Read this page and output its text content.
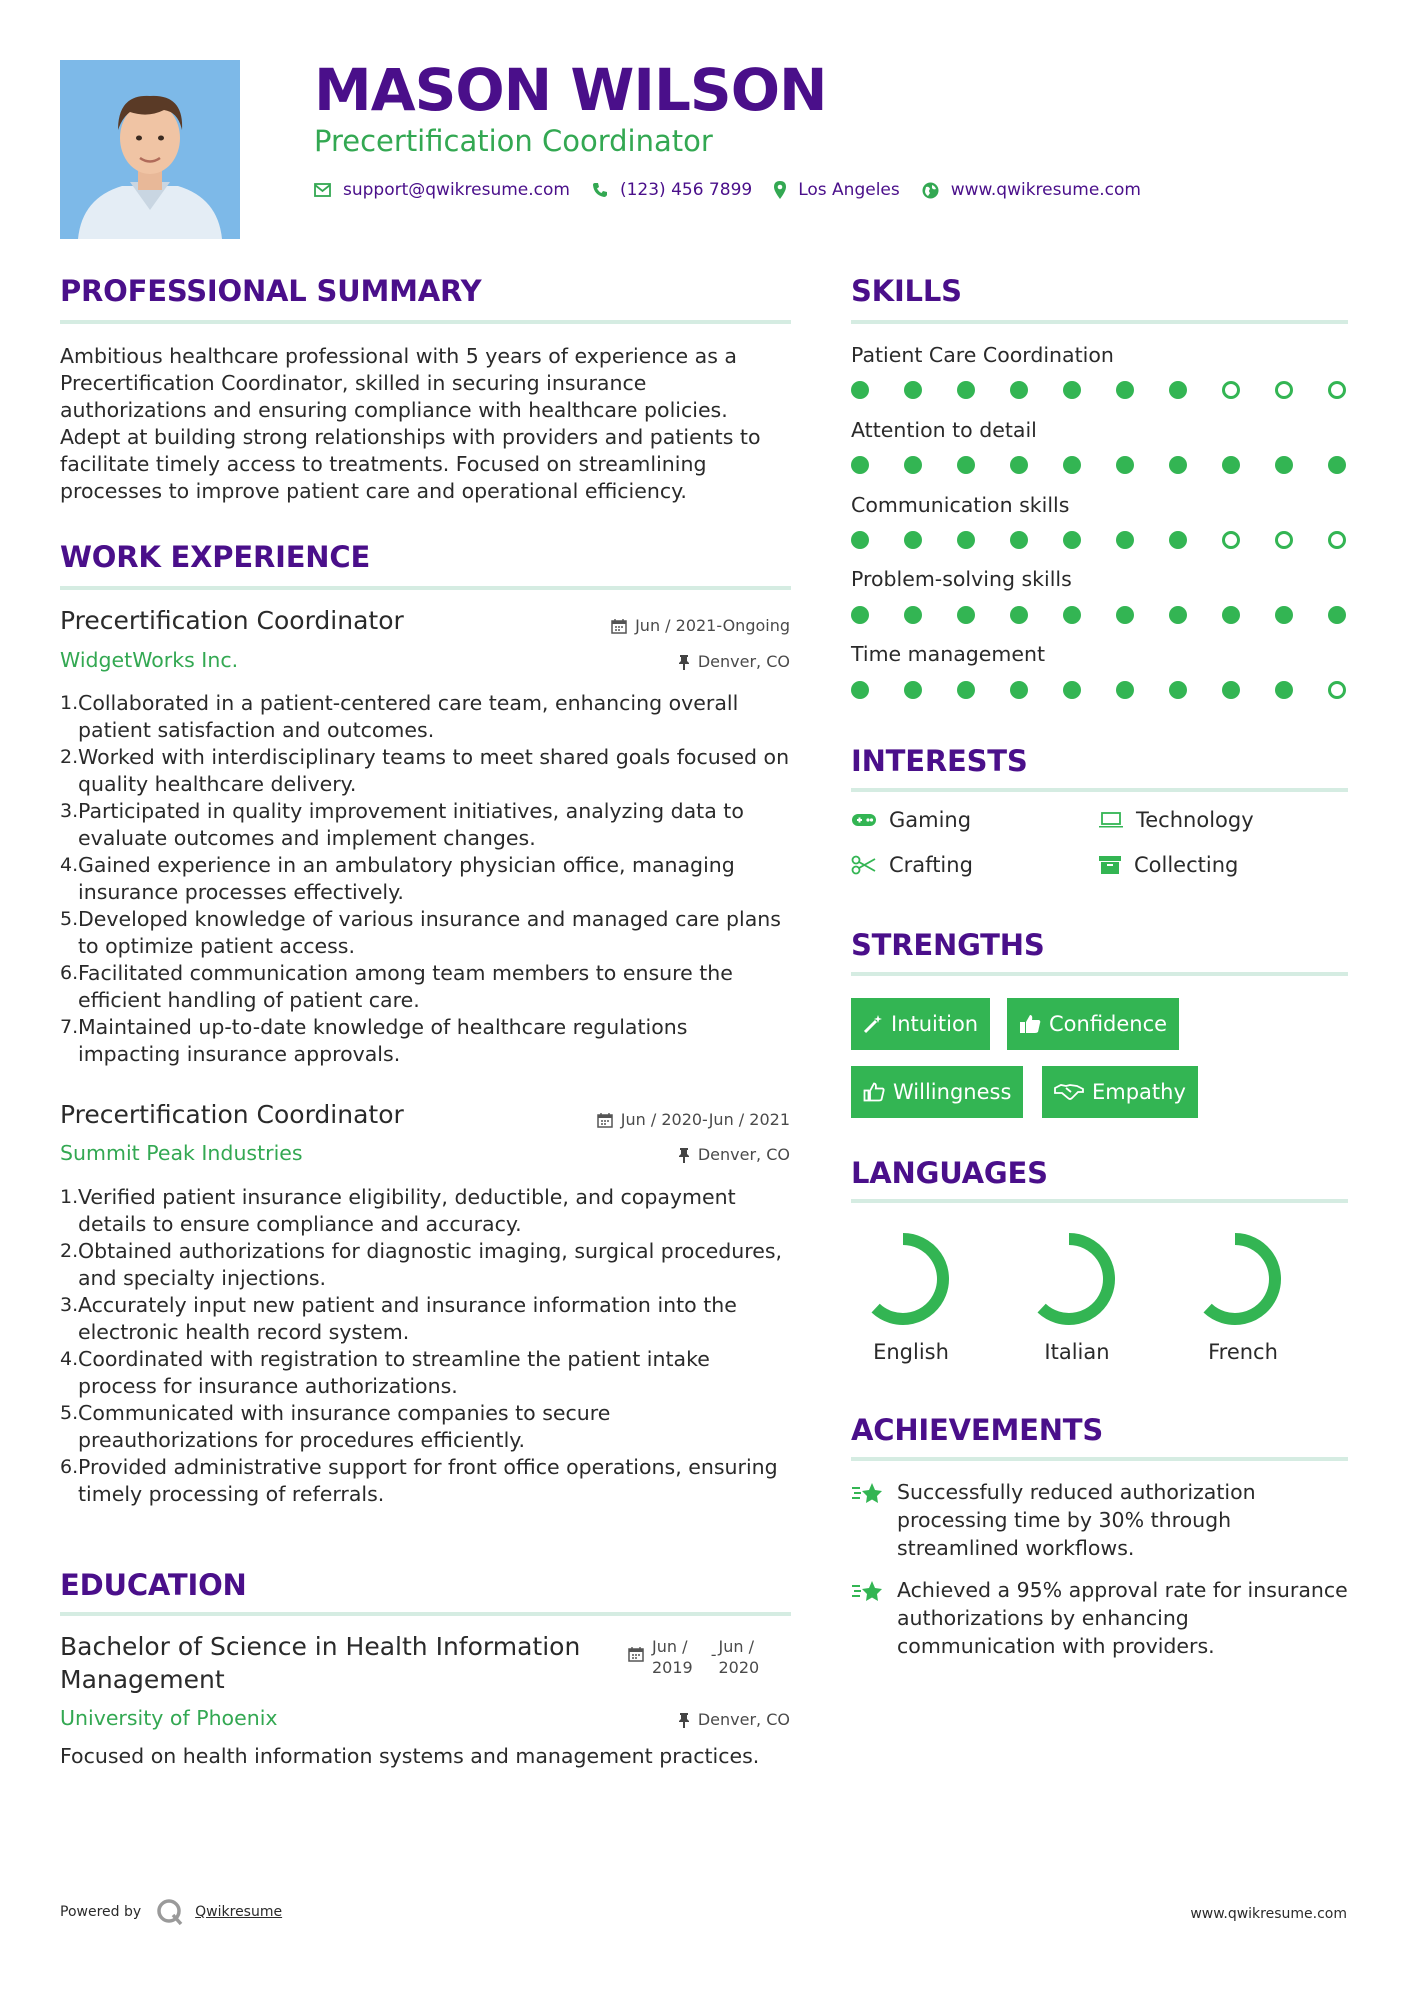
MASON WILSON
Precertification Coordinator
support@qwikresume.com	(123) 456 7899	Los Angeles	www.qwikresume.com
PROFESSIONAL SUMMARY
Ambitious healthcare professional with 5 years of experience as a Precertification Coordinator, skilled in securing insurance authorizations and ensuring compliance with healthcare policies. Adept at building strong relationships with providers and patients to facilitate timely access to treatments. Focused on streamlining processes to improve patient care and operational efficiency.
WORK EXPERIENCE
Precertification Coordinator	Jun / 2021-Ongoing
WidgetWorks Inc.	Denver, CO
1. Collaborated in a patient-centered care team, enhancing overall patient satisfaction and outcomes.
2. Worked with interdisciplinary teams to meet shared goals focused on quality healthcare delivery.
3. Participated in quality improvement initiatives, analyzing data to evaluate outcomes and implement changes.
4. Gained experience in an ambulatory physician office, managing insurance processes effectively.
5. Developed knowledge of various insurance and managed care plans to optimize patient access.
6. Facilitated communication among team members to ensure the efficient handling of patient care.
7. Maintained up-to-date knowledge of healthcare regulations impacting insurance approvals.
Precertification Coordinator	Jun / 2020-Jun / 2021
Summit Peak Industries	Denver, CO
1. Verified patient insurance eligibility, deductible, and copayment details to ensure compliance and accuracy.
2. Obtained authorizations for diagnostic imaging, surgical procedures, and specialty injections.
3. Accurately input new patient and insurance information into the electronic health record system.
4. Coordinated with registration to streamline the patient intake process for insurance authorizations.
5. Communicated with insurance companies to secure preauthorizations for procedures efficiently.
6. Provided administrative support for front office operations, ensuring timely processing of referrals.
EDUCATION
Bachelor of Science in Health Information Management
Jun /
2019
- Jun /
2020
University of Phoenix	Denver, CO
Focused on health information systems and management practices.
SKILLS
Patient Care Coordination
Attention to detail
Communication skills
Problem-solving skills
Time management
INTERESTS
Gaming	Technology
Crafting	Collecting
STRENGTHS
Intuition	Confidence
Willingness	Empathy
LANGUAGES
English	Italian	French
ACHIEVEMENTS
Successfully reduced authorization processing time by 30% through streamlined workflows.
Achieved a 95% approval rate for insurance authorizations by enhancing communication with providers.
Powered by	Qwikresume	www.qwikresume.com
